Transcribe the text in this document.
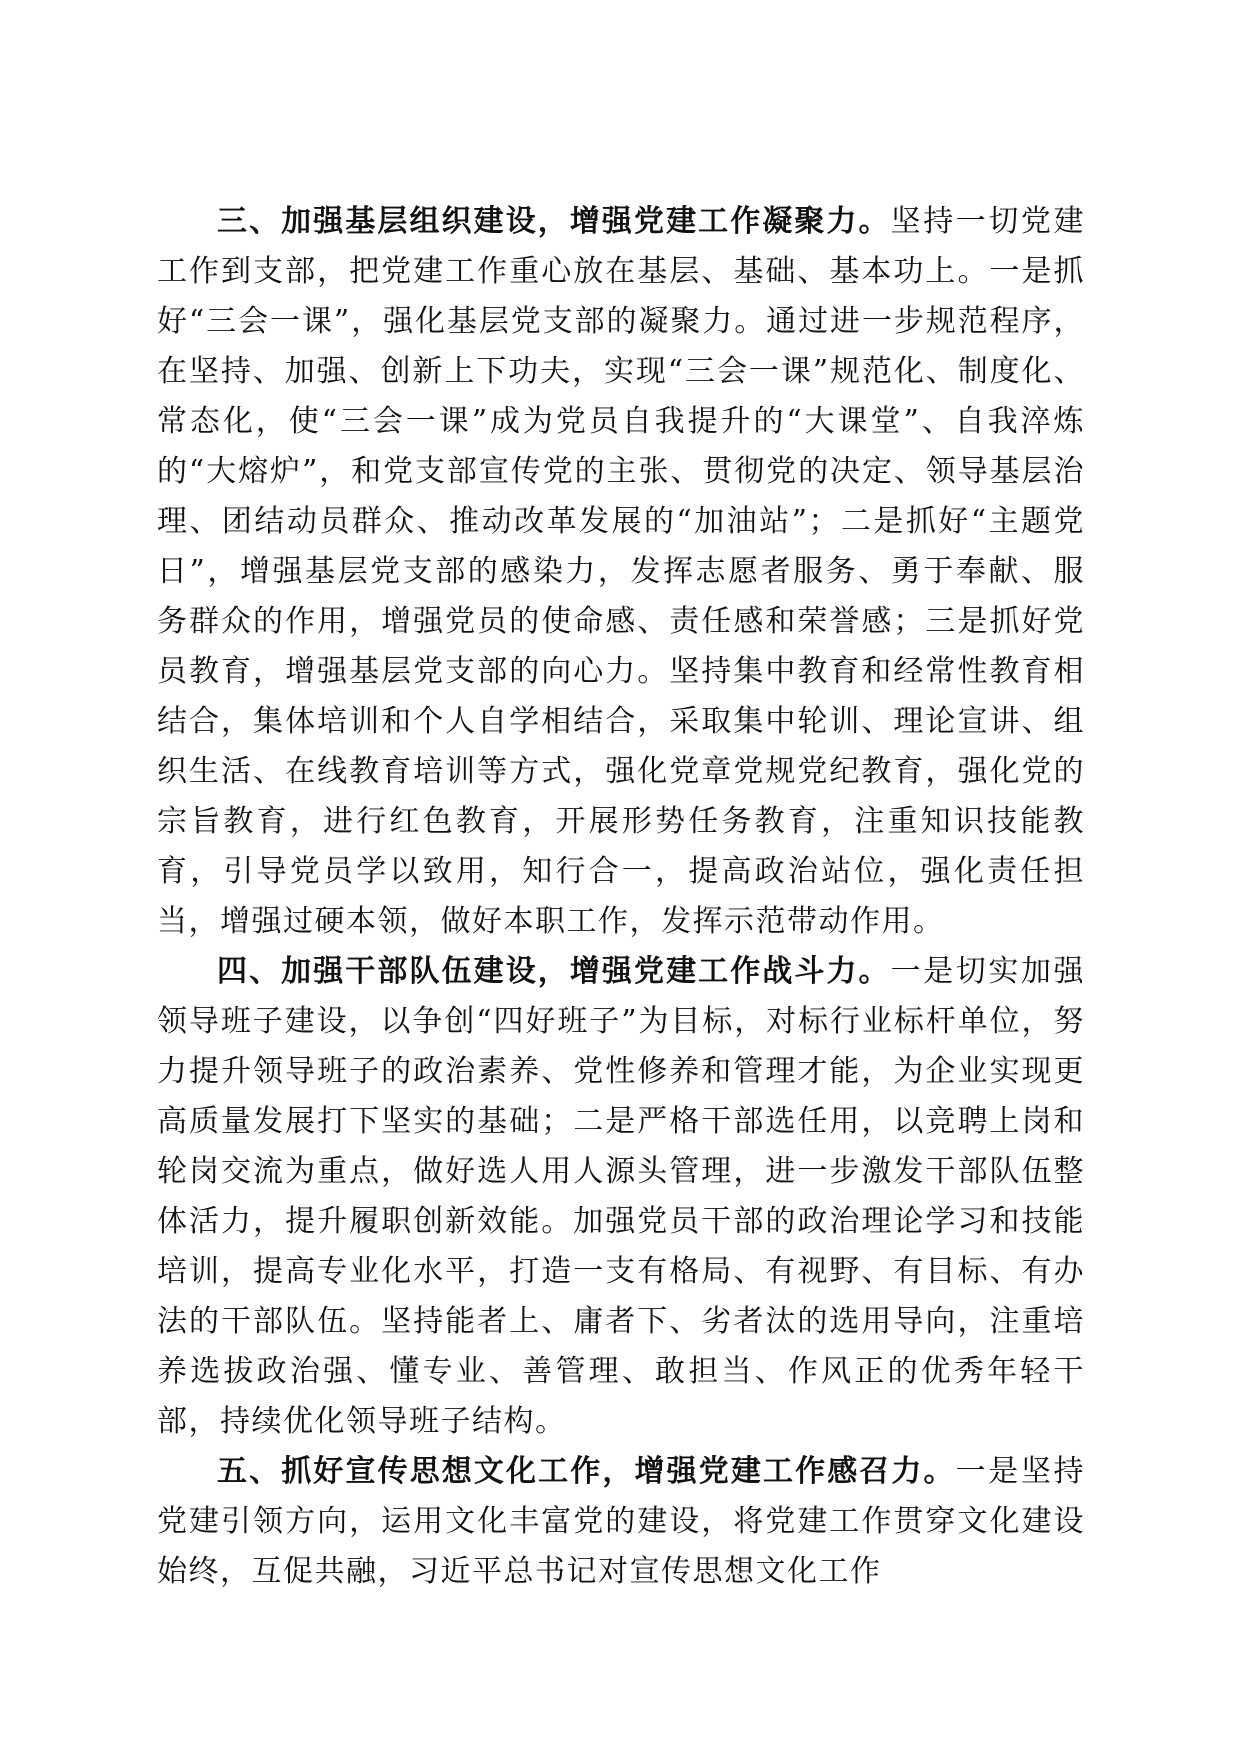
三、加强基层组织建设，增强党建工作凝聚力。坚持一切党建工作到支部，把党建工作重心放在基层、基础、基本功上。一是抓好“三会一课”，强化基层党支部的凝聚力。通过进一步规范程序，在坚持、加强、创新上下功夫，实现“三会一课”规范化、制度化、常态化，使“三会一课”成为党员自我提升的“大课堂”、自我淬炼的“大熔炉”，和党支部宣传党的主张、贯彻党的决定、领导基层治理、团结动员群众、推动改革发展的“加油站”；二是抓好“主题党日”，增强基层党支部的感染力，发挥志愿者服务、勇于奉献、服务群众的作用，增强党员的使命感、责任感和荣誉感；三是抓好党员教育，增强基层党支部的向心力。坚持集中教育和经常性教育相结合，集体培训和个人自学相结合，采取集中轮训、理论宣讲、组织生活、在线教育培训等方式，强化党章党规党纪教育，强化党的宗旨教育，进行红色教育，开展形势任务教育，注重知识技能教育，引导党员学以致用，知行合一，提高政治站位，强化责任担当，增强过硬本领，做好本职工作，发挥示范带动作用。

四、加强干部队伍建设，增强党建工作战斗力。一是切实加强领导班子建设，以争创“四好班子”为目标，对标行业标杆单位，努力提升领导班子的政治素养、党性修养和管理才能，为企业实现更高质量发展打下坚实的基础；二是严格干部选任用，以竞聘上岗和轮岗交流为重点，做好选人用人源头管理，进一步激发干部队伍整体活力，提升履职创新效能。加强党员干部的政治理论学习和技能培训，提高专业化水平，打造一支有格局、有视野、有目标、有办法的干部队伍。坚持能者上、庸者下、劣者汰的选用导向，注重培养选拔政治强、懂专业、善管理、敢担当、作风正的优秀年轻干部，持续优化领导班子结构。

五、抓好宣传思想文化工作，增强党建工作感召力。一是坚持党建引领方向，运用文化丰富党的建设，将党建工作贯穿文化建设始终，互促共融，习近平总书记对宣传思想文化工作
